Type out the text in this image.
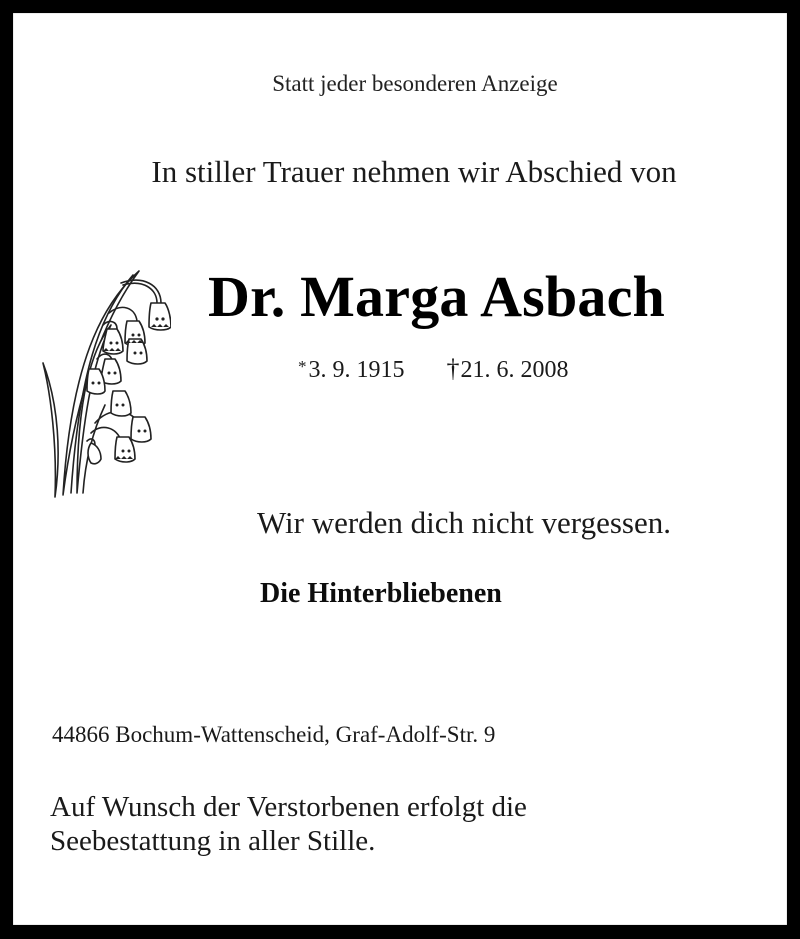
Statt jeder besonderen Anzeige
In stiller Trauer nehmen wir Abschied von
Dr. Marga Asbach
*3. 9. 1915 †21. 6. 2008
Wir werden dich nicht vergessen.
Die Hinterbliebenen
44866 Bochum-Wattenscheid, Graf-Adolf-Str. 9
Auf Wunsch der Verstorbenen erfolgt die
Seebestattung in aller Stille.
